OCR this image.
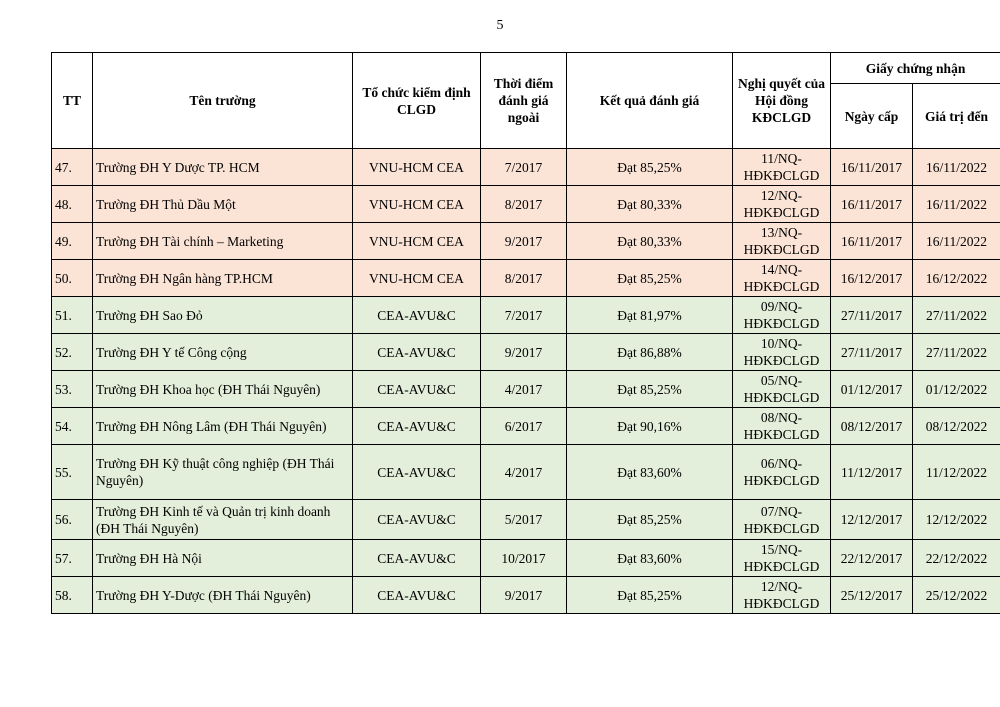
5
TT	Tên trường	Tổ chức kiểm định CLGD	Thời điểm đánh giá ngoài	Kết quả đánh giá	Nghị quyết của Hội đồng KĐCLGD	Giấy chứng nhận	
						Ngày cấp	Giá trị đến
47.	Trường ĐH Y Dược TP. HCM	VNU-HCM CEA	7/2017	Đạt 85,25%	11/NQ-HĐKĐCLGD	16/11/2017	16/11/2022
48.	Trường ĐH Thủ Dầu Một	VNU-HCM CEA	8/2017	Đạt 80,33%	12/NQ-HĐKĐCLGD	16/11/2017	16/11/2022
49.	Trường ĐH Tài chính – Marketing	VNU-HCM CEA	9/2017	Đạt 80,33%	13/NQ-HĐKĐCLGD	16/11/2017	16/11/2022
50.	Trường ĐH Ngân hàng TP.HCM	VNU-HCM CEA	8/2017	Đạt 85,25%	14/NQ-HĐKĐCLGD	16/12/2017	16/12/2022
51.	Trường ĐH Sao Đỏ	CEA-AVU&C	7/2017	Đạt 81,97%	09/NQ-HĐKĐCLGD	27/11/2017	27/11/2022
52.	Trường ĐH Y tế Công cộng	CEA-AVU&C	9/2017	Đạt 86,88%	10/NQ-HĐKĐCLGD	27/11/2017	27/11/2022
53.	Trường ĐH Khoa học (ĐH Thái Nguyên)	CEA-AVU&C	4/2017	Đạt 85,25%	05/NQ-HĐKĐCLGD	01/12/2017	01/12/2022
54.	Trường ĐH Nông Lâm (ĐH Thái Nguyên)	CEA-AVU&C	6/2017	Đạt 90,16%	08/NQ-HĐKĐCLGD	08/12/2017	08/12/2022
55.	Trường ĐH Kỹ thuật công nghiệp (ĐH Thái Nguyên)	CEA-AVU&C	4/2017	Đạt 83,60%	06/NQ-HĐKĐCLGD	11/12/2017	11/12/2022
56.	Trường ĐH Kinh tế và Quản trị kinh doanh (ĐH Thái Nguyên)	CEA-AVU&C	5/2017	Đạt 85,25%	07/NQ-HĐKĐCLGD	12/12/2017	12/12/2022
57.	Trường ĐH Hà Nội	CEA-AVU&C	10/2017	Đạt 83,60%	15/NQ-HĐKĐCLGD	22/12/2017	22/12/2022
58.	Trường ĐH Y-Dược (ĐH Thái Nguyên)	CEA-AVU&C	9/2017	Đạt 85,25%	12/NQ-HĐKĐCLGD	25/12/2017	25/12/2022
